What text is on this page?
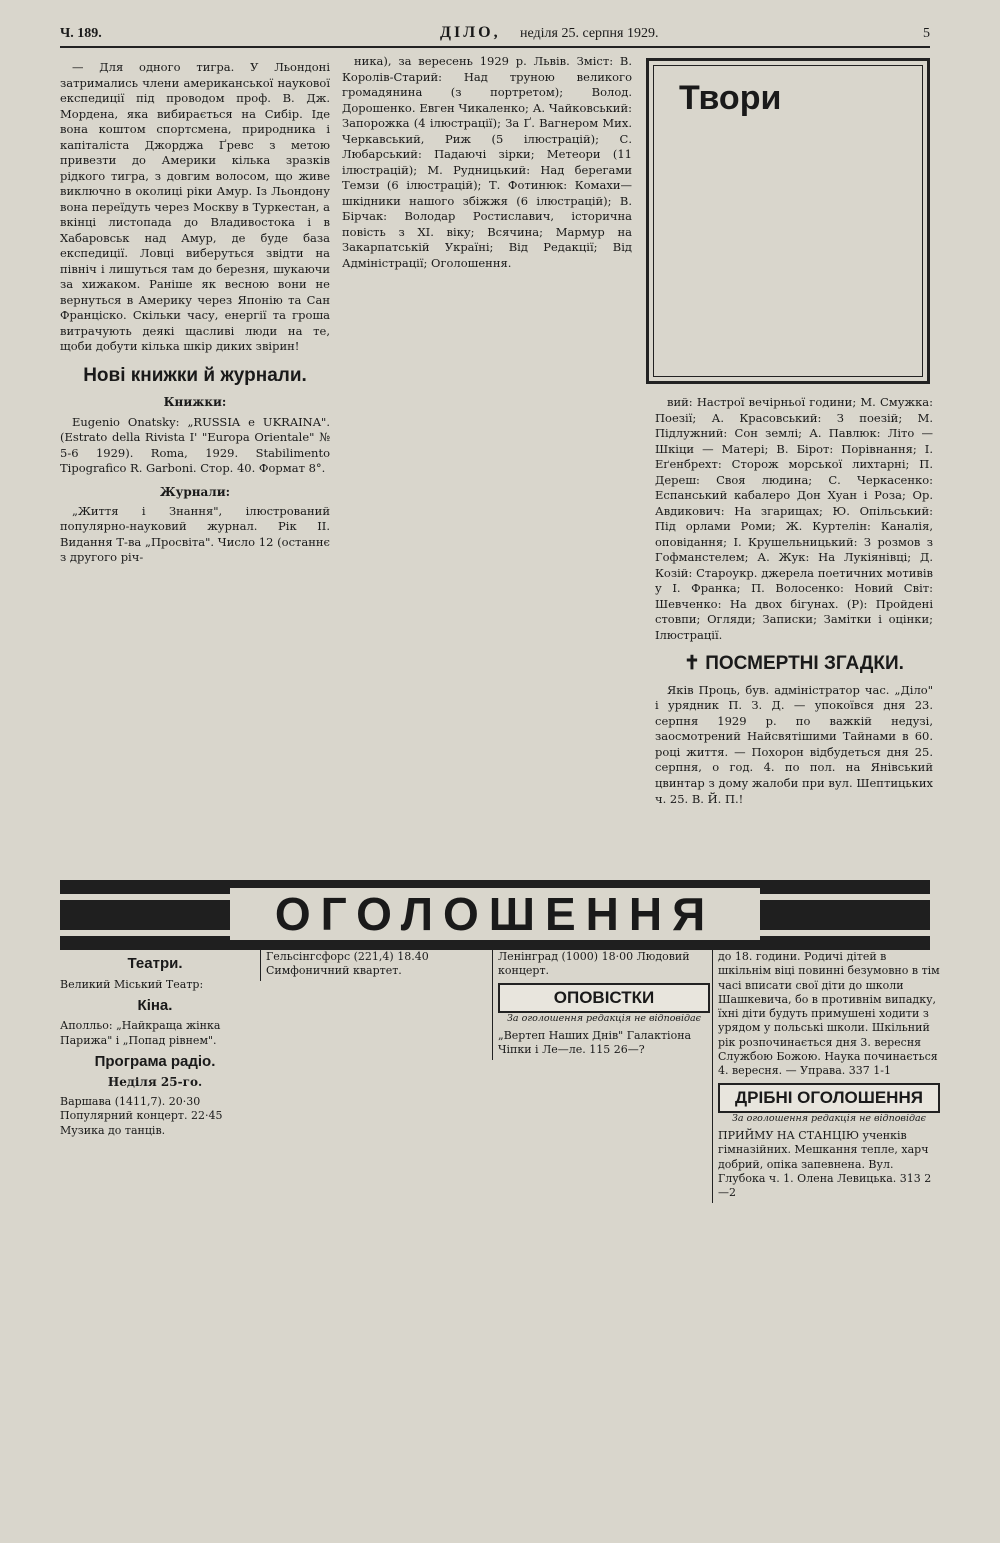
Ч. 189.	ДІЛО, неділя 25. серпня 1929.	5

— Для одного тигра. У Льондоні затримались члени американської наукової експедиції під проводом проф. В. Дж. Мордена, яка вибирається на Сибір. Іде вона коштом спортсмена, природника і капіталіста Джорджа Ґревс з метою привезти до Америки кілька зразків рідкого тигра, з довгим волосом, що живе виключно в околиці ріки Амур. Із Льондону вона переїдуть через Москву в Туркестан, а вкінці листопада до Владивостока і в Хабаровськ над Амур, де буде база експедиції. Ловці виберуться звідти на північ і лишуться там до березня, шукаючи за хижаком. Раніше як весною вони не вернуться в Америку через Японію та Сан Франціско. Скільки часу, енергії та гроша витрачують деякі щасливі люди на те, щоби добути кілька шкір диких звірин!

Нові книжки й журнали.
Книжки:

Eugenio Onatsky: „RUSSIA e UKRAINA". (Estrato della Rivista I' "Europa Orientale" № 5-6 1929). Roma, 1929. Stabilimento Tipografico R. Garboni. Стор. 40. Формат 8°.

Журнали:

„Життя і Знання", ілюстрований популярно-науковий журнал. Рік II. Видання Т-ва „Просвіта". Число 12 (останнє з другого річ-

ника), за вересень 1929 р. Львів. Зміст: В. Королів-Старий: Над труною великого громадянина (з портретом); Волод. Дорошенко. Евген Чикаленко; А. Чайковський: Запорожка (4 ілюстрації); За Ґ. Вагнером Мих. Черкавський, Риж (5 ілюстрацій); С. Любарський: Падаючі зірки; Метеори (11 ілюстрацій); М. Рудницький: Над берегами Темзи (6 ілюстрацій); Т. Фотинюк: Комахи—шкідники нашого збіжжя (6 ілюстрацій); В. Бірчак: Володар Ростиславич, історична повість з XI. віку; Всячина; Мармур на Закарпатській Україні; Від Редакції; Від Адміністрації; Оголошення.

Твори

вий: Настрої вечірньої години; М. Смужка: Поезії; А. Красовський: З поезій; М. Підлужний: Сон землі; А. Павлюк: Літо — Шкіци — Матері; В. Бірот: Порівнання; І. Еґенбрехт: Сторож морської лихтарні; П. Дереш: Своя людина; С. Черкасенко: Еспанський кабалеро Дон Хуан і Роза; Ор. Авдикович: На згарищах; Ю. Опільський: Під орлами Роми; Ж. Куртелін: Каналія, оповідання; І. Крушельницький: З розмов з Гофманстелем; А. Жук: На Лукіянівці; Д. Козій: Староукр. джерела поетичних мотивів у І. Франка; П. Волосенко: Новий Світ: Шевченко: На двох бігунах. (Р): Пройдені стовпи; Огляди; Записки; Замітки і оцінки; Ілюстрації.

✝ ПОСМЕРТНІ ЗГАДКИ.

Яків Проць, був. адміністратор час. „Діло" і урядник П. З. Д. — упокоївся дня 23. серпня 1929 р. по важкій недузі, заосмотрений Найсвятішими Тайнами в 60. році життя. — Похорон відбудеться дня 25. серпня, о год. 4. по пол. на Янівський цвинтар з дому жалоби при вул. Шептицьких ч. 25. В. Й. П.!

ОГОЛОШЕННЯ
Театри.

Великий Міський Театр:

Кіна.

Аполльо: „Найкраща жінка Парижа" і „Попад рівнем".

Програма радіо.
Неділя 25-го.

Варшава (1411,7). 20·30 Популярний концерт. 22·45 Музика до танців.

Гельсінгсфорс (221,4) 18.40 Симфоничний квартет.

Ленінград (1000) 18·00 Людовий концерт.

ОПОВІСТКИ
За оголошення редакція не відповідає

„Вертеп Наших Днів" Галактіона Чіпки і Ле—ле. 115 26—?

до 18. години. Родичі дітей в шкільнім віці повинні безумовно в тім часі вписати свої діти до школи Шашкевича, бо в противнім випадку, їхні діти будуть примушені ходити з урядом у польські школи. Шкільний рік розпочинається дня 3. вересня Службою Божою. Наука починається 4. вересня. — Управа. 337 1-1

ДРІБНІ ОГОЛОШЕННЯ
За оголошення редакція не відповідає

ПРИЙМУ НА СТАНЦІЮ ученків гімназійних. Мешкання тепле, харч добрий, опіка запевнена. Вул. Глубока ч. 1. Олена Левицька. 313 2—2
